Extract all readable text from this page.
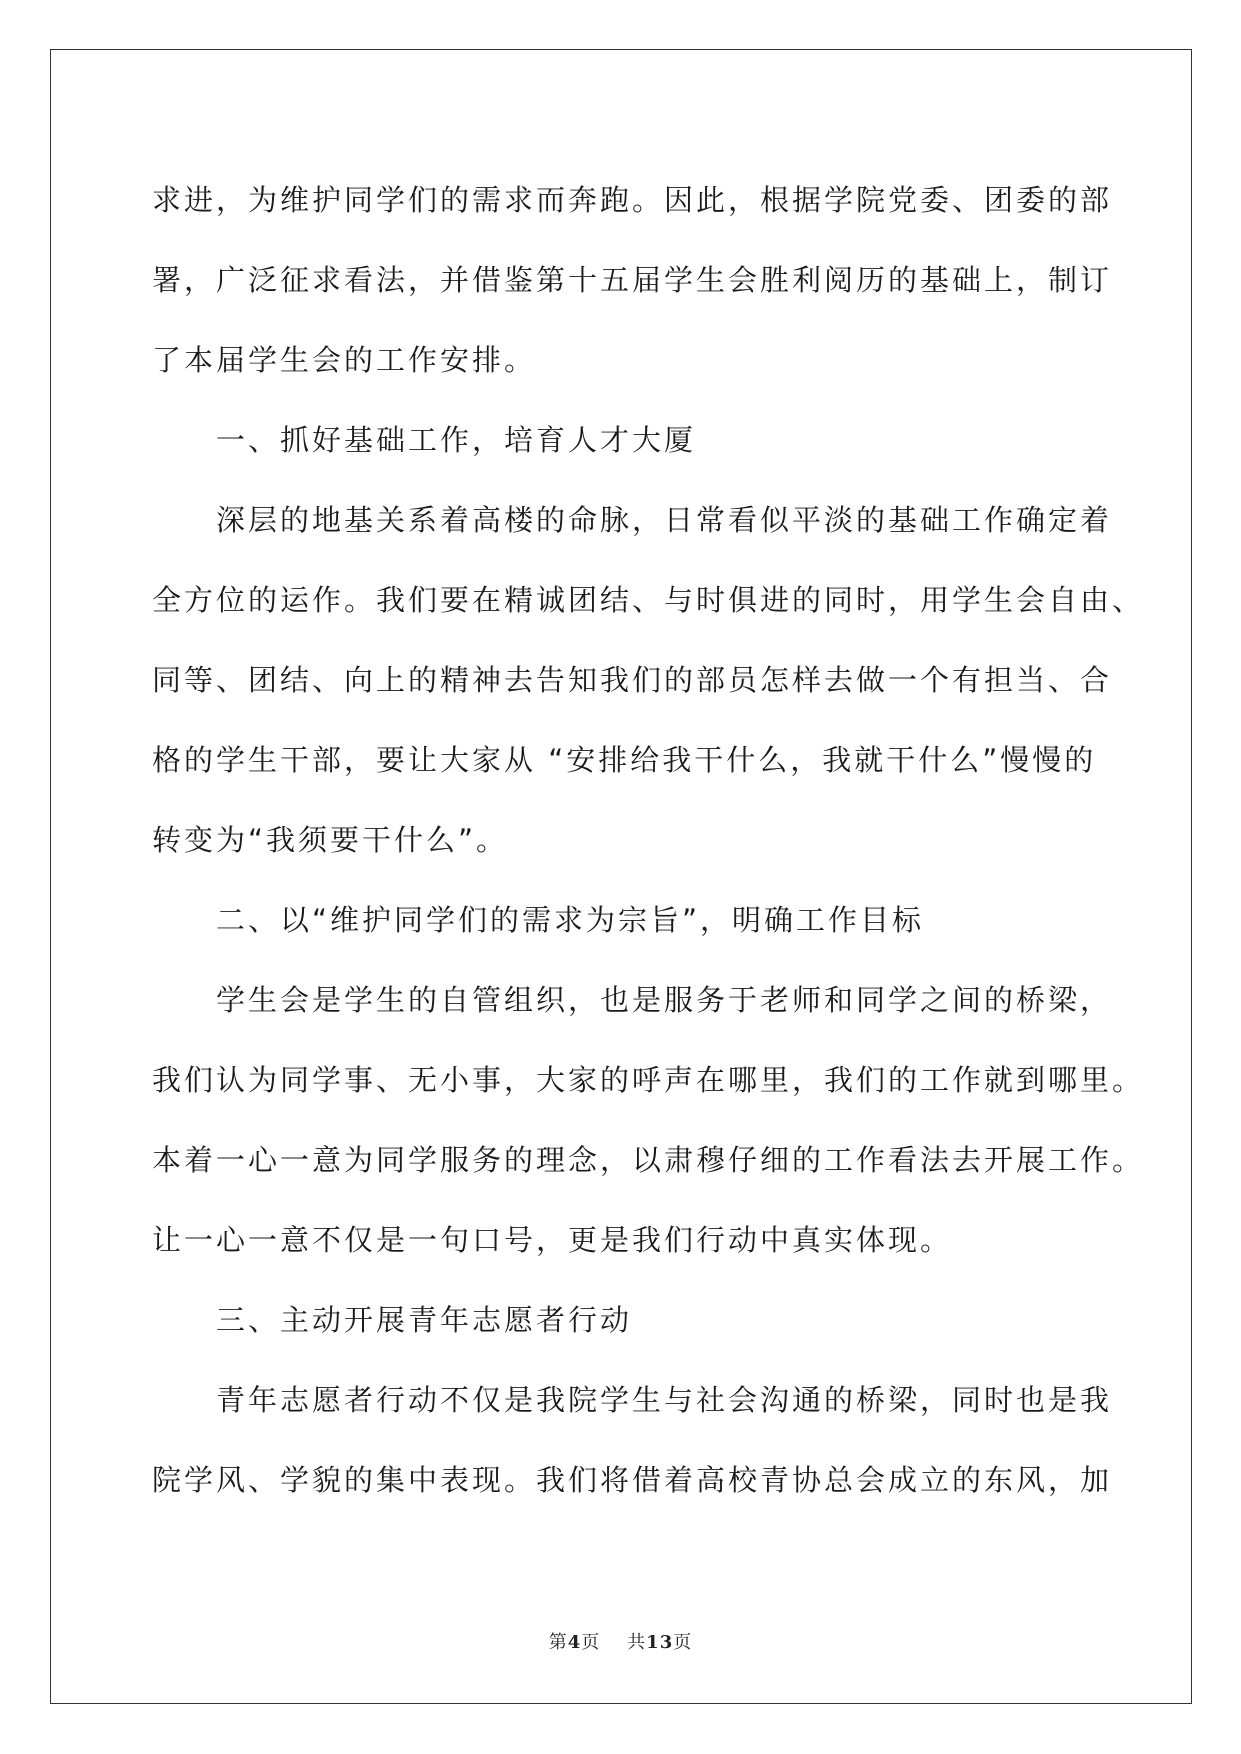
求进，为维护同学们的需求而奔跑。因此，根据学院党委、团委的部
署，广泛征求看法，并借鉴第十五届学生会胜利阅历的基础上，制订
了本届学生会的工作安排。
一、抓好基础工作，培育人才大厦
深层的地基关系着高楼的命脉，日常看似平淡的基础工作确定着
全方位的运作。我们要在精诚团结、与时俱进的同时，用学生会自由、
同等、团结、向上的精神去告知我们的部员怎样去做一个有担当、合
格的学生干部，要让大家从 “安排给我干什么，我就干什么”慢慢的
转变为“我须要干什么”。
二、以“维护同学们的需求为宗旨”，明确工作目标
学生会是学生的自管组织，也是服务于老师和同学之间的桥梁，
我们认为同学事、无小事，大家的呼声在哪里，我们的工作就到哪里。
本着一心一意为同学服务的理念，以肃穆仔细的工作看法去开展工作。
让一心一意不仅是一句口号，更是我们行动中真实体现。
三、主动开展青年志愿者行动
青年志愿者行动不仅是我院学生与社会沟通的桥梁，同时也是我
院学风、学貌的集中表现。我们将借着高校青协总会成立的东风，加
第4页 共13页
